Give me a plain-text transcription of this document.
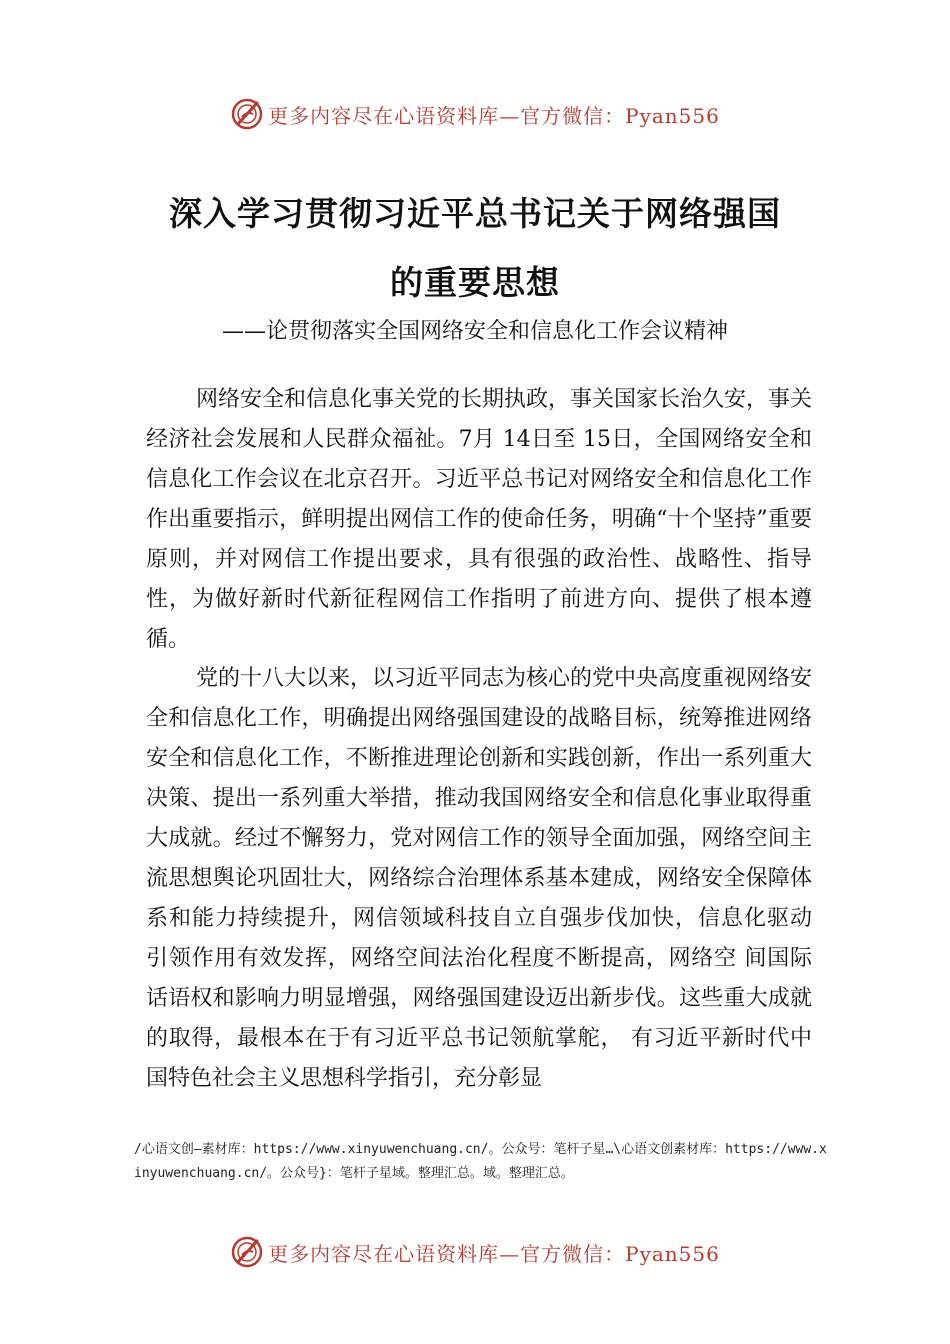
更多内容尽在心语资料库—官方微信：Pyan556
深入学习贯彻习近平总书记关于网络强国
的重要思想
——论贯彻落实全国网络安全和信息化工作会议精神

网络安全和信息化事关党的长期执政，事关国家长治久安，事关经济社会发展和人民群众福祉。7月 14日至 15日，全国网络安全和信息化工作会议在北京召开。习近平总书记对网络安全和信息化工作作出重要指示，鲜明提出网信工作的使命任务，明确“十个坚持”重要原则，并对网信工作提出要求，具有很强的政治性、战略性、指导性，为做好新时代新征程网信工作指明了前进方向、提供了根本遵循。

党的十八大以来，以习近平同志为核心的党中央高度重视网络安全和信息化工作，明确提出网络强国建设的战略目标，统筹推进网络安全和信息化工作，不断推进理论创新和实践创新，作出一系列重大决策、提出一系列重大举措，推动我国网络安全和信息化事业取得重大成就。经过不懈努力，党对网信工作的领导全面加强，网络空间主流思想舆论巩固壮大，网络综合治理体系基本建成，网络安全保障体系和能力持续提升，网信领域科技自立自强步伐加快，信息化驱动 引领作用有效发挥，网络空间法治化程度不断提高，网络空 间国际话语权和影响力明显增强，网络强国建设迈出新步伐。这些重大成就的取得，最根本在于有习近平总书记领航掌舵， 有习近平新时代中国特色社会主义思想科学指引，充分彰显

/心语文创—素材库：https://www.xinyuwenchuang.cn/。公众号：笔杆子星…\心语文创素材库：https://www.xinyuwenchuang.cn/。公众号}：笔杆子星域。整理汇总。域。整理汇总。
更多内容尽在心语资料库—官方微信：Pyan556
